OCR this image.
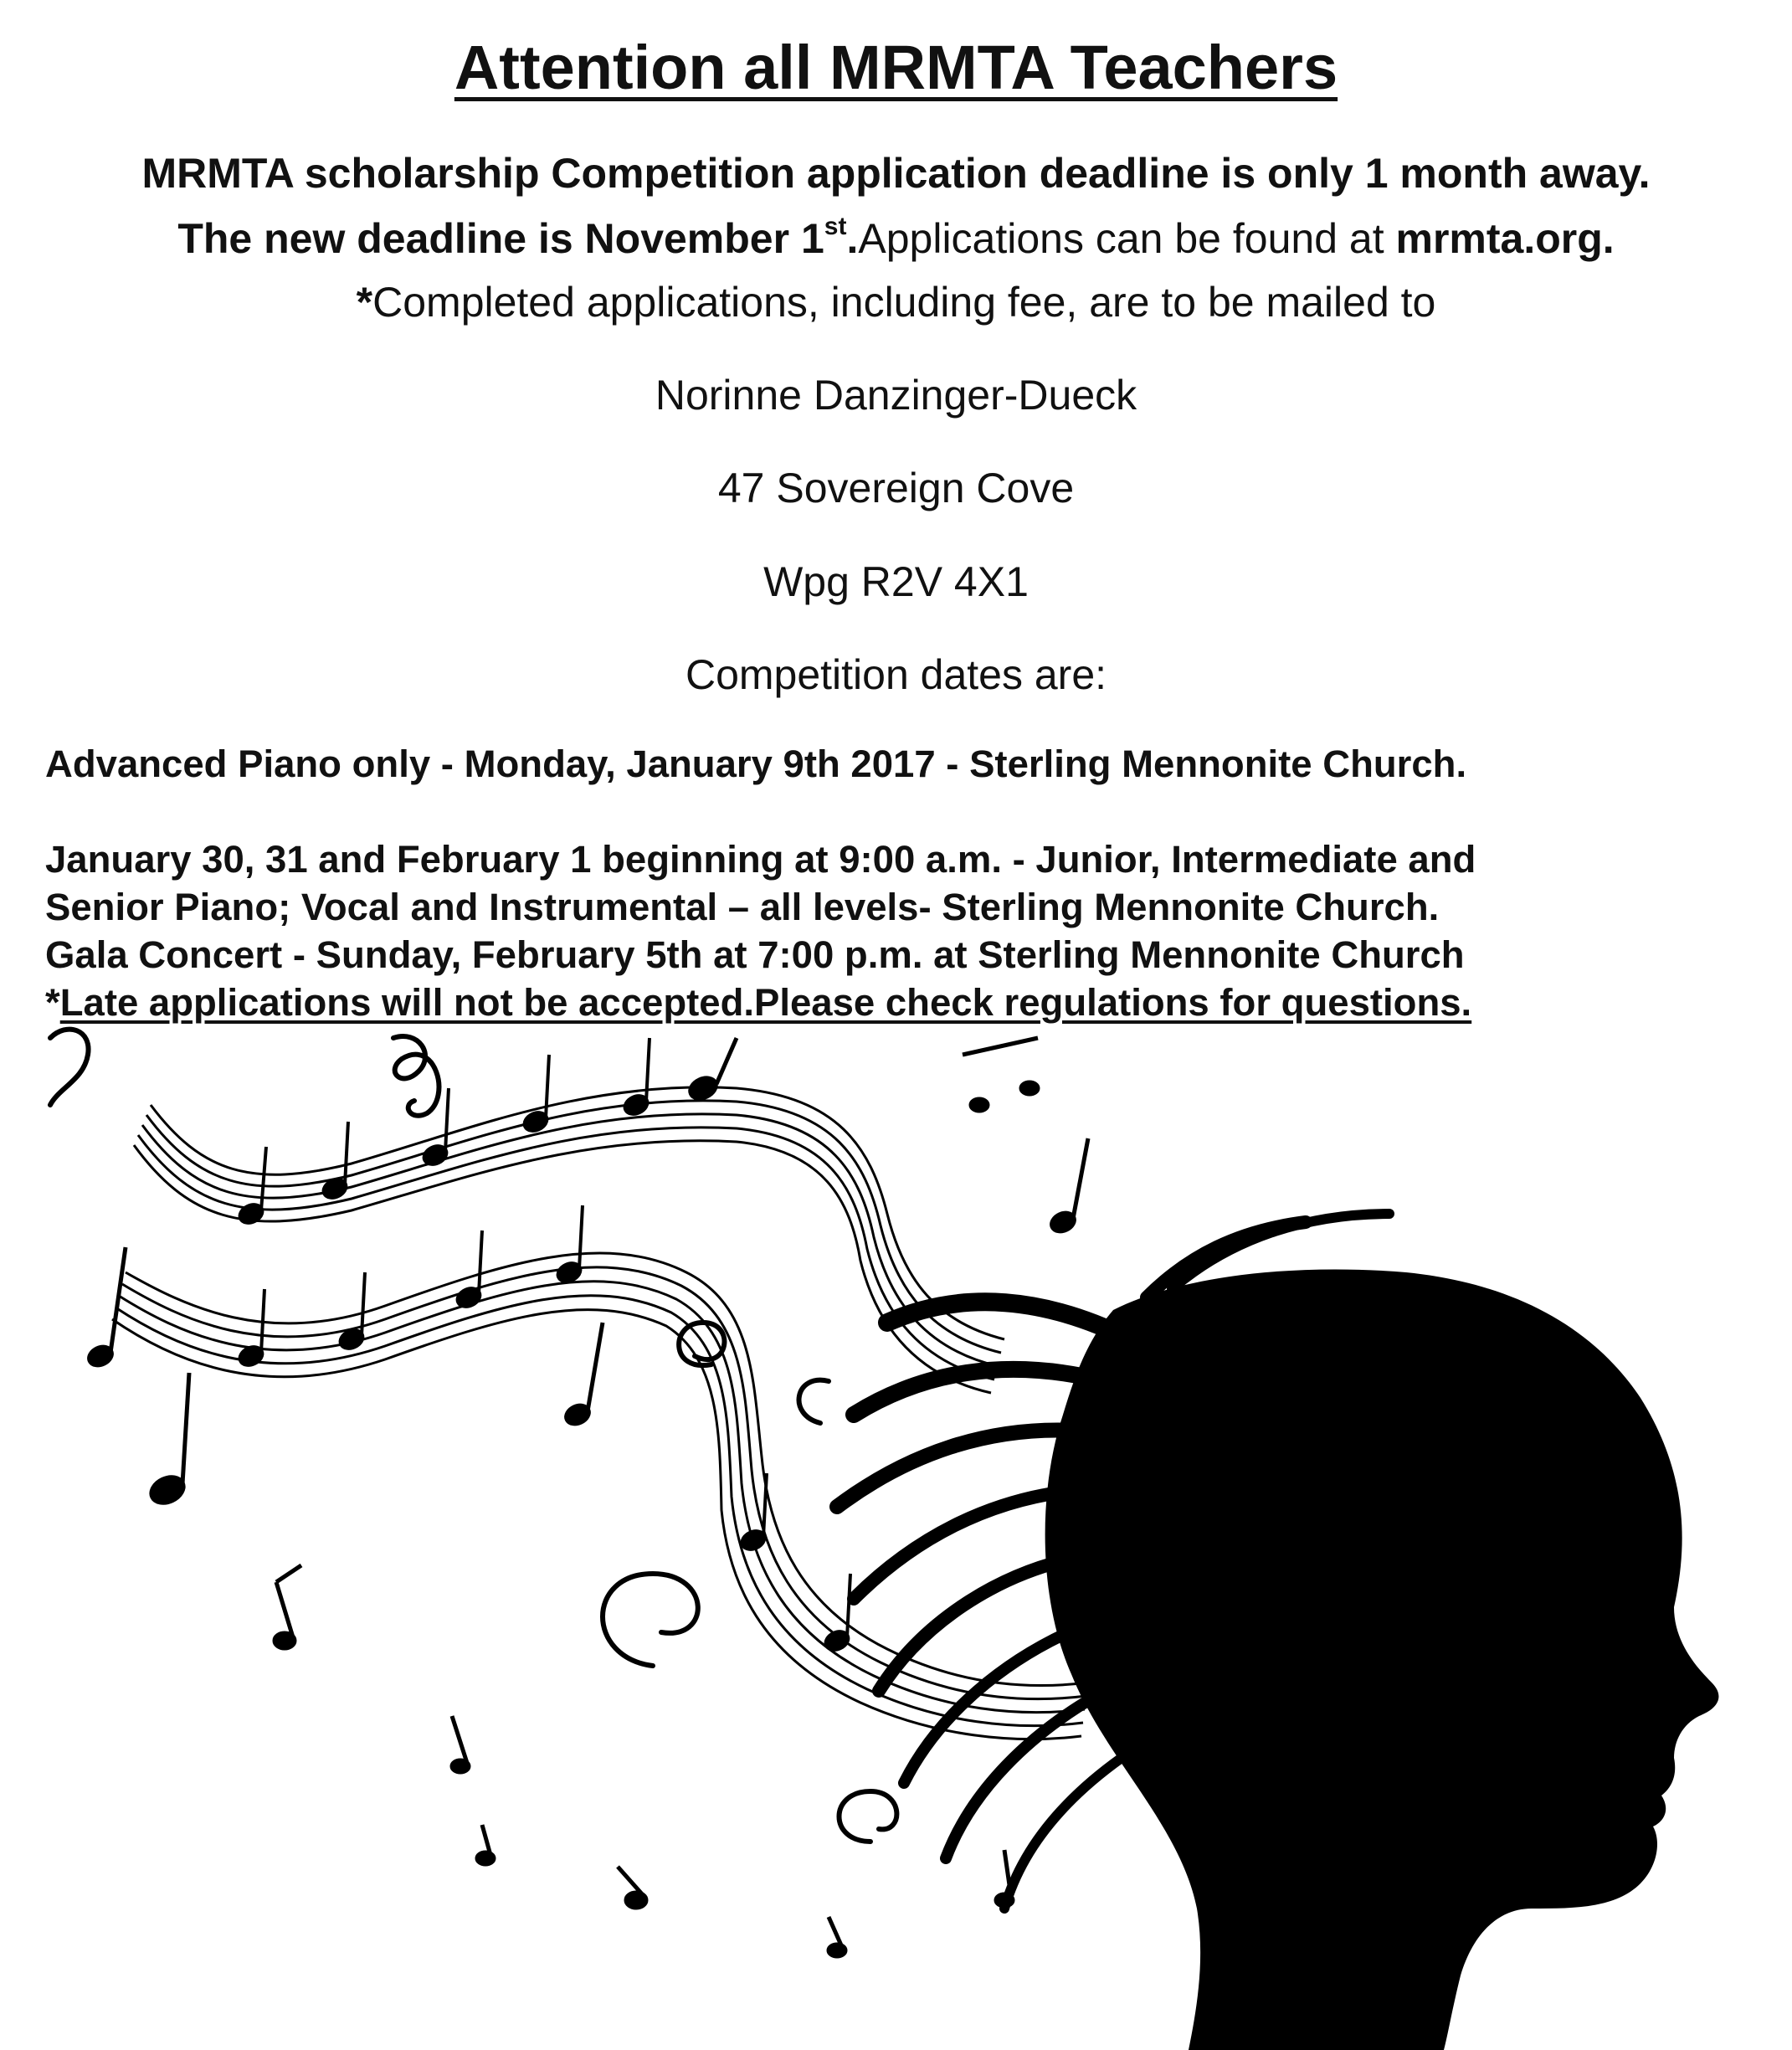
Attention all MRMTA Teachers
MRMTA scholarship Competition application deadline is only 1 month away.
The new deadline is November 1st.Applications can be found at mrmta.org.
*Completed applications, including fee, are to be mailed to
Norinne Danzinger-Dueck
47 Sovereign Cove
Wpg R2V 4X1
Competition dates are:
Advanced Piano only - Monday, January 9th 2017 - Sterling Mennonite Church.
January 30, 31 and February 1 beginning at 9:00 a.m. - Junior, Intermediate and
Senior Piano; Vocal and Instrumental – all levels- Sterling Mennonite Church.
Gala Concert - Sunday, February 5th at 7:00 p.m. at Sterling Mennonite Church
*Late applications will not be accepted.Please check regulations for questions.
